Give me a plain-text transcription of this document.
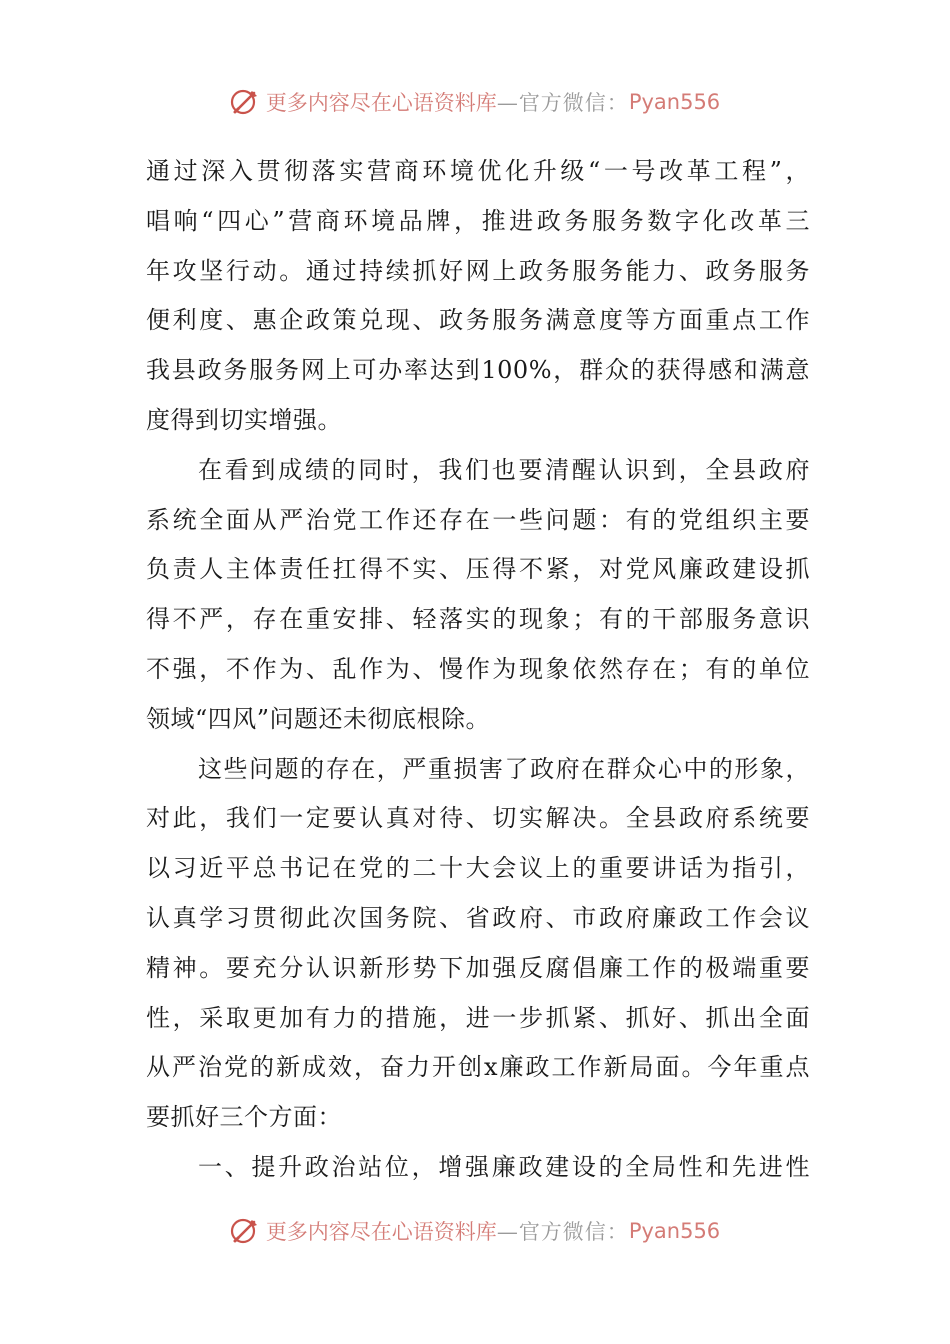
更多内容尽在心语资料库 —官方微信： Pyan556
通过深入贯彻落实营商环境优化升级“一号改革工程”，
唱响“四心”营商环境品牌，推进政务服务数字化改革三
年攻坚行动。通过持续抓好网上政务服务能力、政务服务
便利度、惠企政策兑现、政务服务满意度等方面重点工作
我县政务服务网上可办率达到100%，群众的获得感和满意
度得到切实增强。
在看到成绩的同时，我们也要清醒认识到，全县政府
系统全面从严治党工作还存在一些问题：有的党组织主要
负责人主体责任扛得不实、压得不紧，对党风廉政建设抓
得不严，存在重安排、轻落实的现象；有的干部服务意识
不强，不作为、乱作为、慢作为现象依然存在；有的单位
领域“四风”问题还未彻底根除。
这些问题的存在，严重损害了政府在群众心中的形象，
对此，我们一定要认真对待、切实解决。全县政府系统要
以习近平总书记在党的二十大会议上的重要讲话为指引，
认真学习贯彻此次国务院、省政府、市政府廉政工作会议
精神。要充分认识新形势下加强反腐倡廉工作的极端重要
性，采取更加有力的措施，进一步抓紧、抓好、抓出全面
从严治党的新成效，奋力开创x廉政工作新局面。今年重点
要抓好三个方面：
一、提升政治站位，增强廉政建设的全局性和先进性
更多内容尽在心语资料库 —官方微信： Pyan556
